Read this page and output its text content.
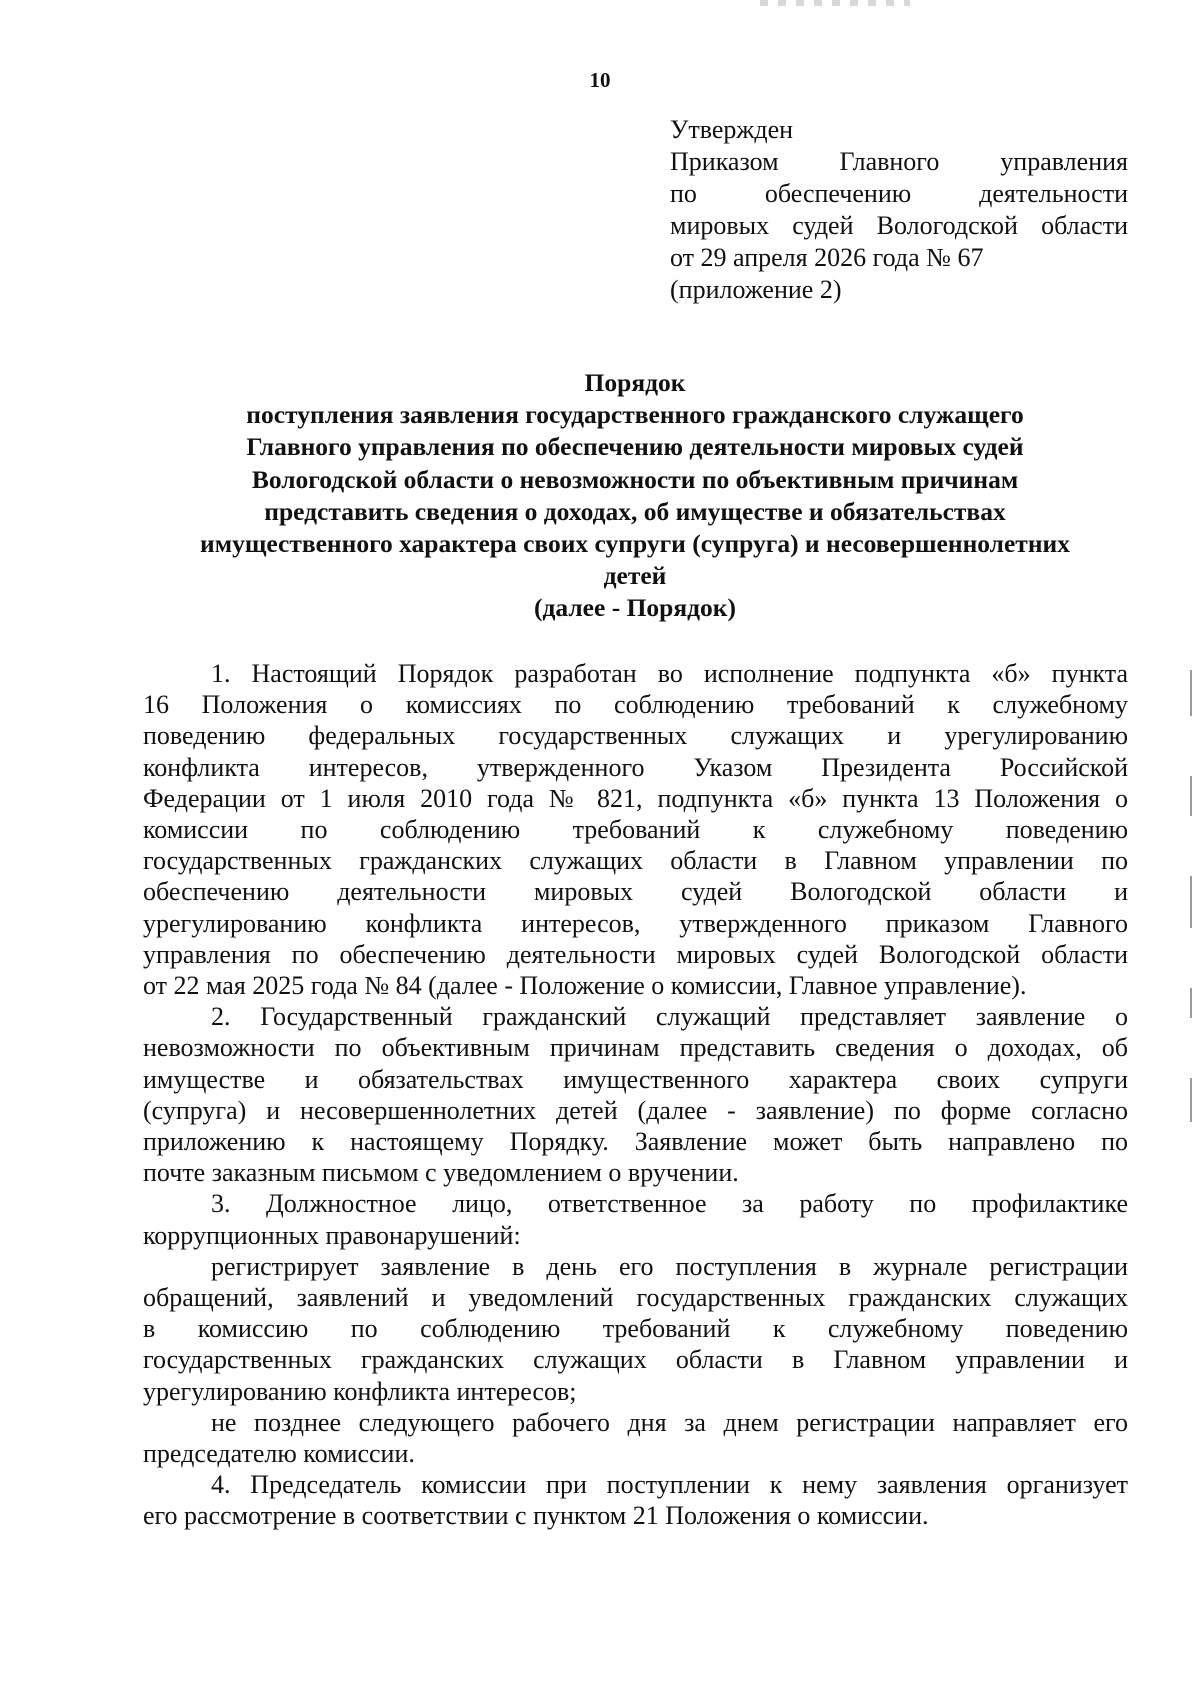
10
Утвержден
Приказом Главного управления
по обеспечению деятельности
мировых судей Вологодской области
от 29 апреля 2026 года № 67
(приложение 2)
Порядок
поступления заявления государственного гражданского служащего
Главного управления по обеспечению деятельности мировых судей
Вологодской области о невозможности по объективным причинам
представить сведения о доходах, об имуществе и обязательствах
имущественного характера своих супруги (супруга) и несовершеннолетних
детей
(далее - Порядок)

1. Настоящий Порядок разработан во исполнение подпункта «б» пункта
16 Положения о комиссиях по соблюдению требований к служебному
поведению федеральных государственных служащих и урегулированию
конфликта интересов, утвержденного Указом Президента Российской
Федерации от 1 июля 2010 года № 821, подпункта «б» пункта 13 Положения о
комиссии по соблюдению требований к служебному поведению
государственных гражданских служащих области в Главном управлении по
обеспечению деятельности мировых судей Вологодской области и
урегулированию конфликта интересов, утвержденного приказом Главного
управления по обеспечению деятельности мировых судей Вологодской области
от 22 мая 2025 года № 84 (далее - Положение о комиссии, Главное управление).

2. Государственный гражданский служащий представляет заявление о
невозможности по объективным причинам представить сведения о доходах, об
имуществе и обязательствах имущественного характера своих супруги
(супруга) и несовершеннолетних детей (далее - заявление) по форме согласно
приложению к настоящему Порядку. Заявление может быть направлено по
почте заказным письмом с уведомлением о вручении.

3. Должностное лицо, ответственное за работу по профилактике
коррупционных правонарушений:

регистрирует заявление в день его поступления в журнале регистрации
обращений, заявлений и уведомлений государственных гражданских служащих
в комиссию по соблюдению требований к служебному поведению
государственных гражданских служащих области в Главном управлении и
урегулированию конфликта интересов;

не позднее следующего рабочего дня за днем регистрации направляет его
председателю комиссии.

4. Председатель комиссии при поступлении к нему заявления организует
его рассмотрение в соответствии с пунктом 21 Положения о комиссии.
